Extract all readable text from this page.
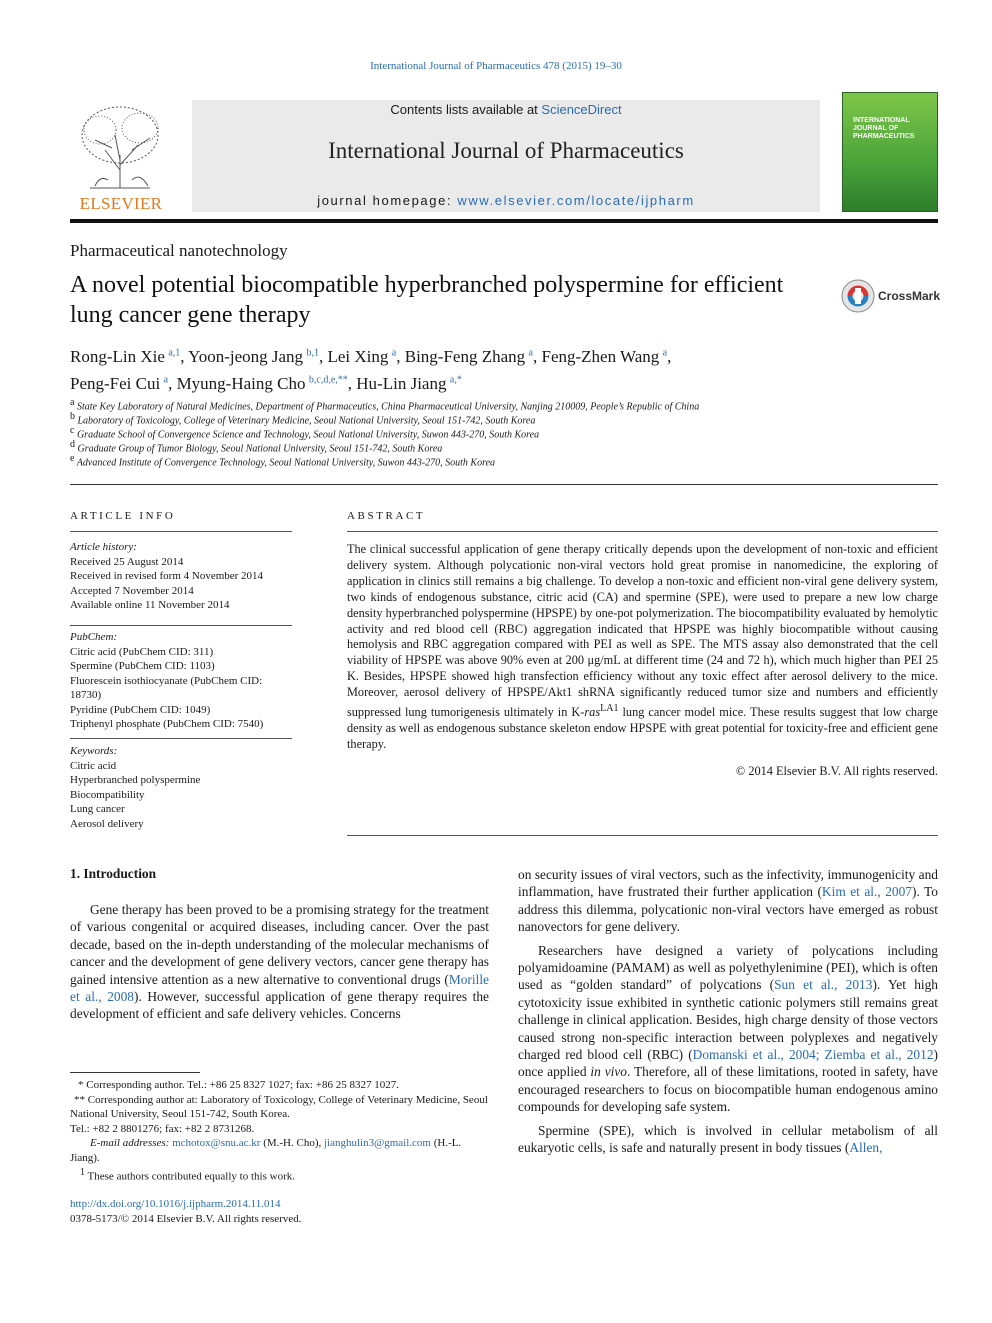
International Journal of Pharmaceutics 478 (2015) 19–30
ELSEVIER
Contents lists available at ScienceDirect
International Journal of Pharmaceutics
journal homepage: www.elsevier.com/locate/ijpharm
INTERNATIONAL JOURNAL OF PHARMACEUTICS
Pharmaceutical nanotechnology
A novel potential biocompatible hyperbranched polyspermine for efficient lung cancer gene therapy
CrossMark
Rong-Lin Xie  $^{a,1}$, Yoon-jeong Jang  $^{b,1}$, Lei Xing  $^a$, Bing-Feng Zhang  $^a$, Feng-Zhen Wang  $^a$,
Peng-Fei Cui  $^a$, Myung-Haing Cho  $^{b,c,d,e,**}$, Hu-Lin Jiang  $^{a,*}$
$^a$ State Key Laboratory of Natural Medicines, Department of Pharmaceutics, China Pharmaceutical University, Nanjing 210009, People’s Republic of China
$^b$ Laboratory of Toxicology, College of Veterinary Medicine, Seoul National University, Seoul 151-742, South Korea
$^c$ Graduate School of Convergence Science and Technology, Seoul National University, Suwon 443-270, South Korea
$^d$ Graduate Group of Tumor Biology, Seoul National University, Seoul 151-742, South Korea
$^e$ Advanced Institute of Convergence Technology, Seoul National University, Suwon 443-270, South Korea
ARTICLE INFO
Article history:
Received 25 August 2014
Received in revised form 4 November 2014
Accepted 7 November 2014
Available online 11 November 2014
PubChem:
Citric acid (PubChem CID: 311)
Spermine (PubChem CID: 1103)
Fluorescein isothiocyanate (PubChem CID:
18730)
Pyridine (PubChem CID: 1049)
Triphenyl phosphate (PubChem CID: 7540)
Keywords:
Citric acid
Hyperbranched polyspermine
Biocompatibility
Lung cancer
Aerosol delivery
ABSTRACT
The clinical successful application of gene therapy critically depends upon the development of non-toxic and efficient delivery system. Although polycationic non-viral vectors hold great promise in nanomedicine, the exploring of application in clinics still remains a big challenge. To develop a non-toxic and efficient non-viral gene delivery system, two kinds of endogenous substance, citric acid (CA) and spermine (SPE), were used to prepare a new low charge density hyperbranched polyspermine (HPSPE) by one-pot polymerization. The biocompatibility evaluated by hemolytic activity and red blood cell (RBC) aggregation indicated that HPSPE was highly biocompatible without causing hemolysis and RBC aggregation compared with PEI as well as SPE. The MTS assay also demonstrated that the cell viability of HPSPE was above 90% even at 200 μg/mL at different time (24 and 72 h), which much higher than PEI 25 K. Besides, HPSPE showed high transfection efficiency without any toxic effect after aerosol delivery to the mice. Moreover, aerosol delivery of HPSPE/Akt1 shRNA significantly reduced tumor size and numbers and efficiently suppressed lung tumorigenesis ultimately in K-ras$^{LA1}$ lung cancer model mice. These results suggest that low charge density as well as endogenous substance skeleton endow HPSPE with great potential for toxicity-free and efficient gene therapy.
© 2014 Elsevier B.V. All rights reserved.
1. Introduction

Gene therapy has been proved to be a promising strategy for the treatment of various congenital or acquired diseases, including cancer. Over the past decade, based on the in-depth understanding of the molecular mechanisms of cancer and the development of gene delivery vectors, cancer gene therapy has gained intensive attention as a new alternative to conventional drugs (Morille et al., 2008). However, successful application of gene therapy requires the development of efficient and safe delivery vehicles. Concerns

* Corresponding author. Tel.: +86 25 8327 1027; fax: +86 25 8327 1027.

** Corresponding author at: Laboratory of Toxicology, College of Veterinary Medicine, Seoul National University, Seoul 151-742, South Korea.

Tel.: +82 2 8801276; fax: +82 2 8731268.

E-mail addresses: mchotox@snu.ac.kr (M.-H. Cho), jianghulin3@gmail.com (H.-L. Jiang).

$^1$ These authors contributed equally to this work.

http://dx.doi.org/10.1016/j.ijpharm.2014.11.014
0378-5173/© 2014 Elsevier B.V. All rights reserved.

on security issues of viral vectors, such as the infectivity, immunogenicity and inflammation, have frustrated their further application (Kim et al., 2007). To address this dilemma, polycationic non-viral vectors have emerged as robust nanovectors for gene delivery.

Researchers have designed a variety of polycations including polyamidoamine (PAMAM) as well as polyethylenimine (PEI), which is often used as “golden standard” of polycations (Sun et al., 2013). Yet high cytotoxicity issue exhibited in synthetic cationic polymers still remains great challenge in clinical application. Besides, high charge density of those vectors caused strong non-specific interaction between polyplexes and negatively charged red blood cell (RBC) (Domanski et al., 2004; Ziemba et al., 2012) once applied in vivo. Therefore, all of these limitations, rooted in safety, have encouraged researchers to focus on biocompatible human endogenous amino compounds for developing safe system.

Spermine (SPE), which is involved in cellular metabolism of all eukaryotic cells, is safe and naturally present in body tissues (Allen,
